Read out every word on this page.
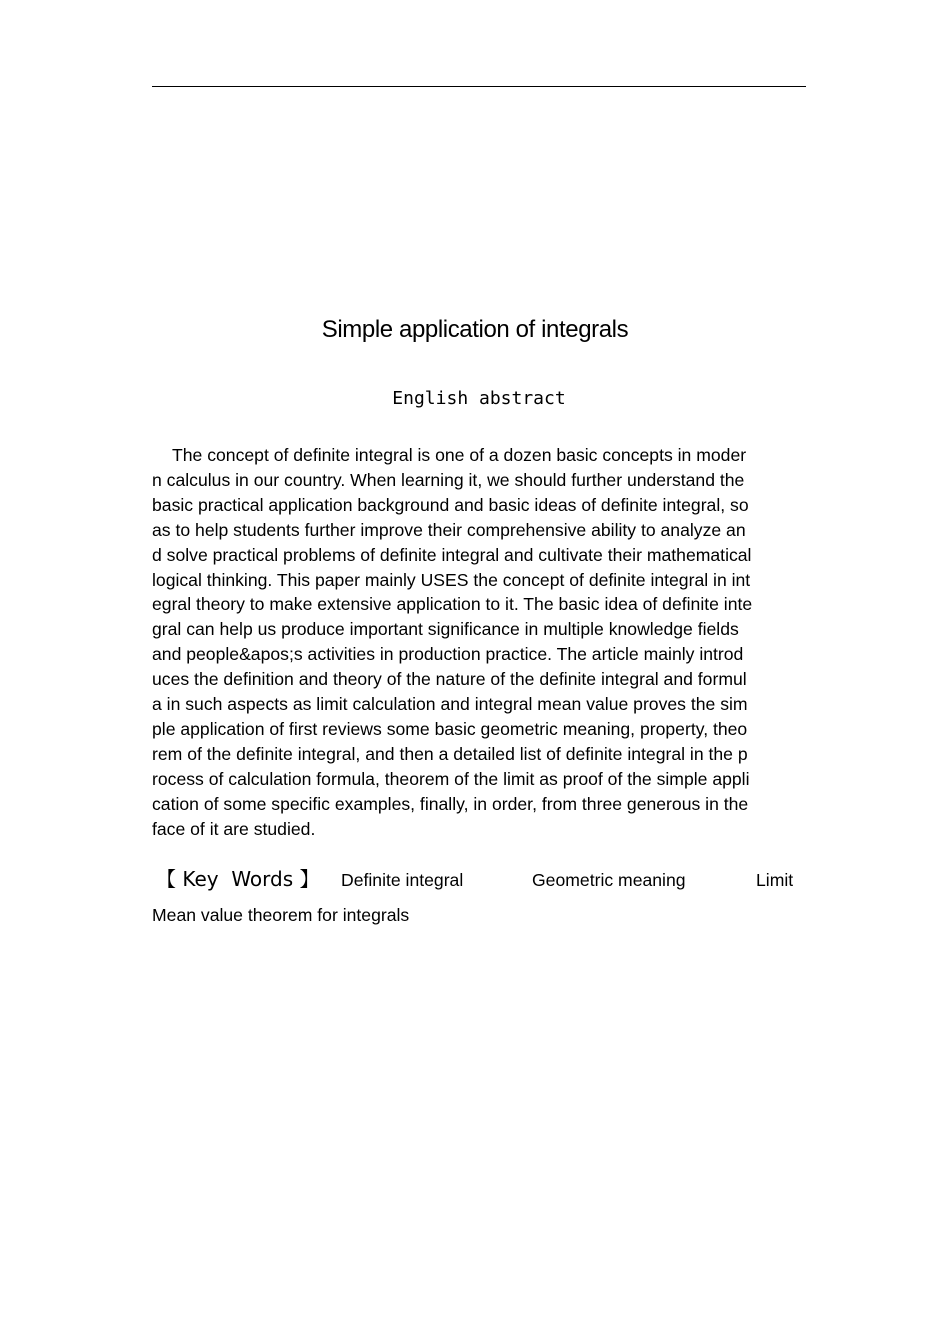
Simple application of integrals
English abstract
The concept of definite integral is one of a dozen basic concepts in moder
n calculus in our country. When learning it, we should further understand the
basic practical application background and basic ideas of definite integral, so
as to help students further improve their comprehensive ability to analyze an
d solve practical problems of definite integral and cultivate their mathematical
logical thinking. This paper mainly USES the concept of definite integral in int
egral theory to make extensive application to it. The basic idea of definite inte
gral can help us produce important significance in multiple knowledge fields
and people&apos;s activities in production practice. The article mainly introd
uces the definition and theory of the nature of the definite integral and formul
a in such aspects as limit calculation and integral mean value proves the sim
ple application of first reviews some basic geometric meaning, property, theo
rem of the definite integral, and then a detailed list of definite integral in the p
rocess of calculation formula, theorem of the limit as proof of the simple appli
cation of some specific examples, finally, in order, from three generous in the
face of it are studied.
【 Key  Words 】 Definite integral	Geometric meaning	Limit
Mean value theorem for integrals
